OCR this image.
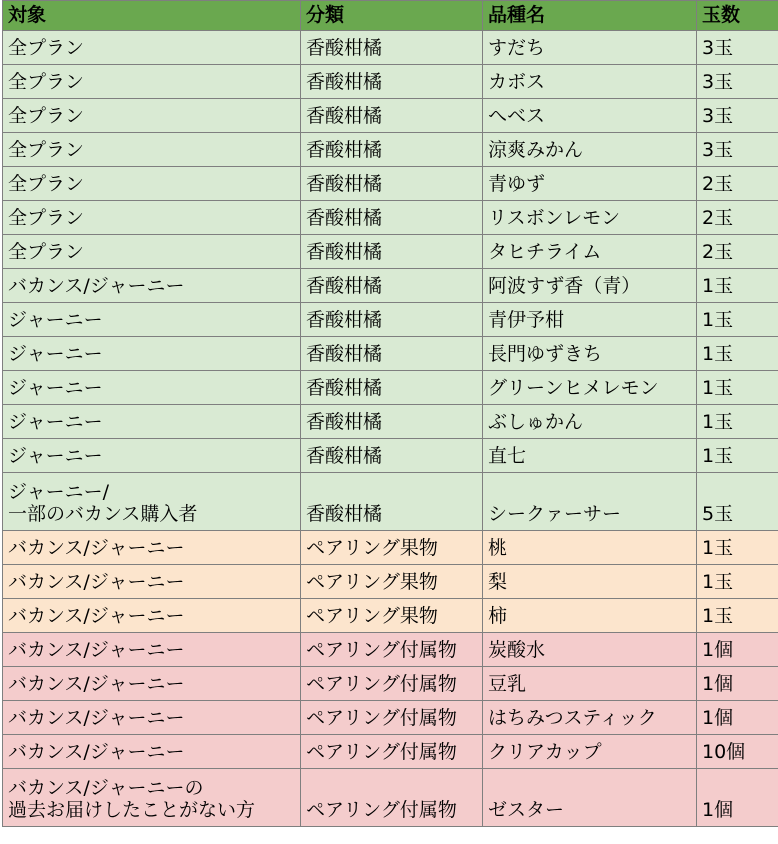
対象	分類	品種名	玉数

全プラン	香酸柑橘	すだち	3玉

全プラン	香酸柑橘	カボス	3玉

全プラン	香酸柑橘	へベス	3玉

全プラン	香酸柑橘	涼爽みかん	3玉

全プラン	香酸柑橘	青ゆず	2玉

全プラン	香酸柑橘	リスボンレモン	2玉

全プラン	香酸柑橘	タヒチライム	2玉

バカンス/ジャーニー	香酸柑橘	阿波すず香（青）	1玉

ジャーニー	香酸柑橘	青伊予柑	1玉

ジャーニー	香酸柑橘	長門ゆずきち	1玉

ジャーニー	香酸柑橘	グリーンヒメレモン	1玉

ジャーニー	香酸柑橘	ぶしゅかん	1玉

ジャーニー	香酸柑橘	直七	1玉

ジャーニー/
一部のバカンス購入者	香酸柑橘	シークァーサー	5玉

バカンス/ジャーニー	ペアリング果物	桃	1玉

バカンス/ジャーニー	ペアリング果物	梨	1玉

バカンス/ジャーニー	ペアリング果物	柿	1玉

バカンス/ジャーニー	ペアリング付属物	炭酸水	1個

バカンス/ジャーニー	ペアリング付属物	豆乳	1個

バカンス/ジャーニー	ペアリング付属物	はちみつスティック	1個

バカンス/ジャーニー	ペアリング付属物	クリアカップ	10個

バカンス/ジャーニーの
過去お届けしたことがない方	ペアリング付属物	ゼスター	1個
